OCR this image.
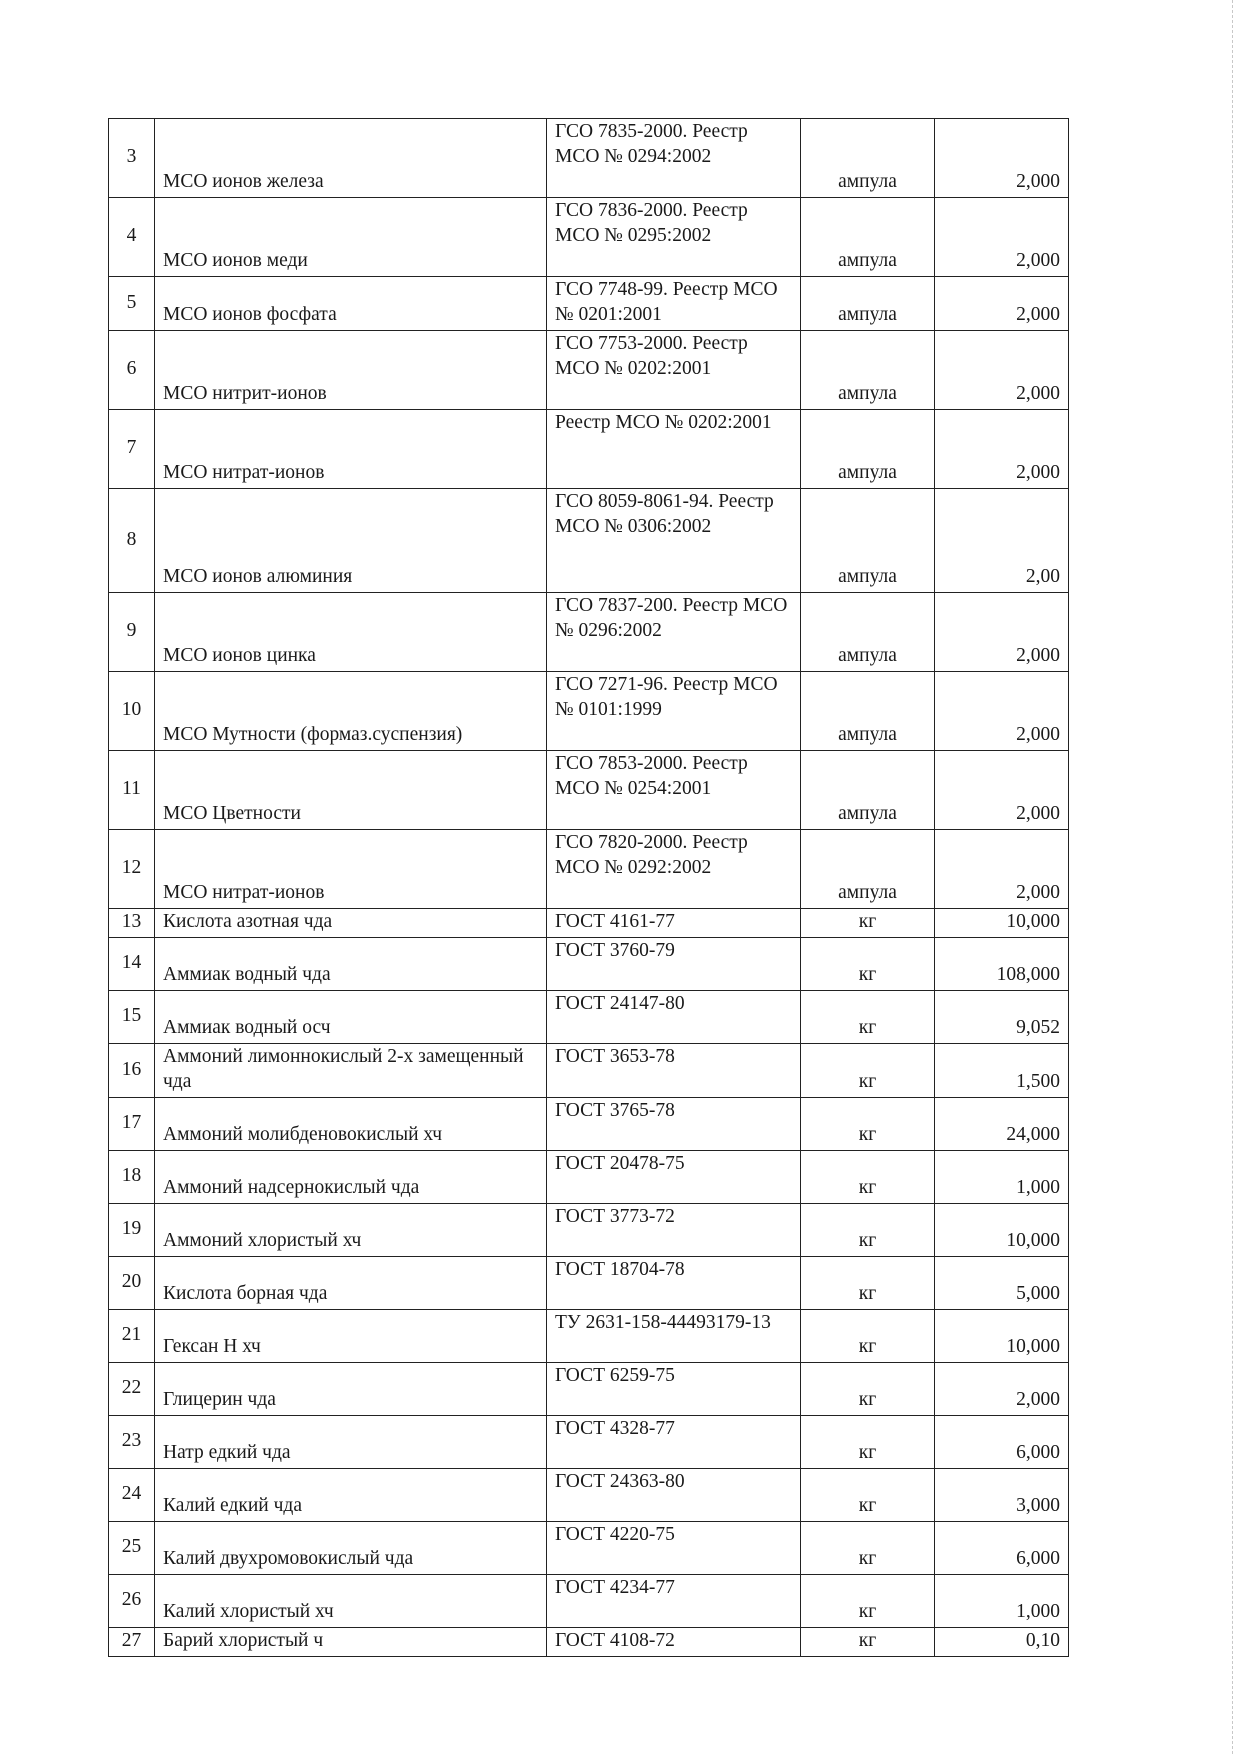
3	МСО ионов железа	ГСО 7835-2000. Реестр МСО № 0294:2002	ампула	2,000
4	МСО ионов меди	ГСО 7836-2000. Реестр МСО № 0295:2002	ампула	2,000
5	МСО ионов фосфата	ГСО 7748-99. Реестр МСО № 0201:2001	ампула	2,000
6	МСО нитрит-ионов	ГСО 7753-2000. Реестр МСО № 0202:2001	ампула	2,000
7	МСО нитрат-ионов	Реестр МСО № 0202:2001	ампула	2,000
8	МСО ионов алюминия	ГСО 8059-8061-94. Реестр МСО № 0306:2002	ампула	2,00
9	МСО ионов цинка	ГСО 7837-200. Реестр МСО № 0296:2002	ампула	2,000
10	МСО Мутности (формаз.суспензия)	ГСО 7271-96. Реестр МСО № 0101:1999	ампула	2,000
11	МСО Цветности	ГСО 7853-2000. Реестр МСО № 0254:2001	ампула	2,000
12	МСО нитрат-ионов	ГСО 7820-2000. Реестр МСО № 0292:2002	ампула	2,000
13	Кислота азотная чда	ГОСТ 4161-77	кг	10,000
14	Аммиак водный чда	ГОСТ 3760-79	кг	108,000
15	Аммиак водный осч	ГОСТ 24147-80	кг	9,052
16	Аммоний лимоннокислый 2-х замещенный чда	ГОСТ 3653-78	кг	1,500
17	Аммоний молибденовокислый хч	ГОСТ 3765-78	кг	24,000
18	Аммоний надсернокислый чда	ГОСТ 20478-75	кг	1,000
19	Аммоний хлористый хч	ГОСТ 3773-72	кг	10,000
20	Кислота борная чда	ГОСТ 18704-78	кг	5,000
21	Гексан Н хч	ТУ 2631-158-44493179-13	кг	10,000
22	Глицерин чда	ГОСТ 6259-75	кг	2,000
23	Натр едкий чда	ГОСТ 4328-77	кг	6,000
24	Калий едкий чда	ГОСТ 24363-80	кг	3,000
25	Калий двухромовокислый чда	ГОСТ 4220-75	кг	6,000
26	Калий хлористый хч	ГОСТ 4234-77	кг	1,000
27	Барий хлористый ч	ГОСТ 4108-72	кг	0,10
